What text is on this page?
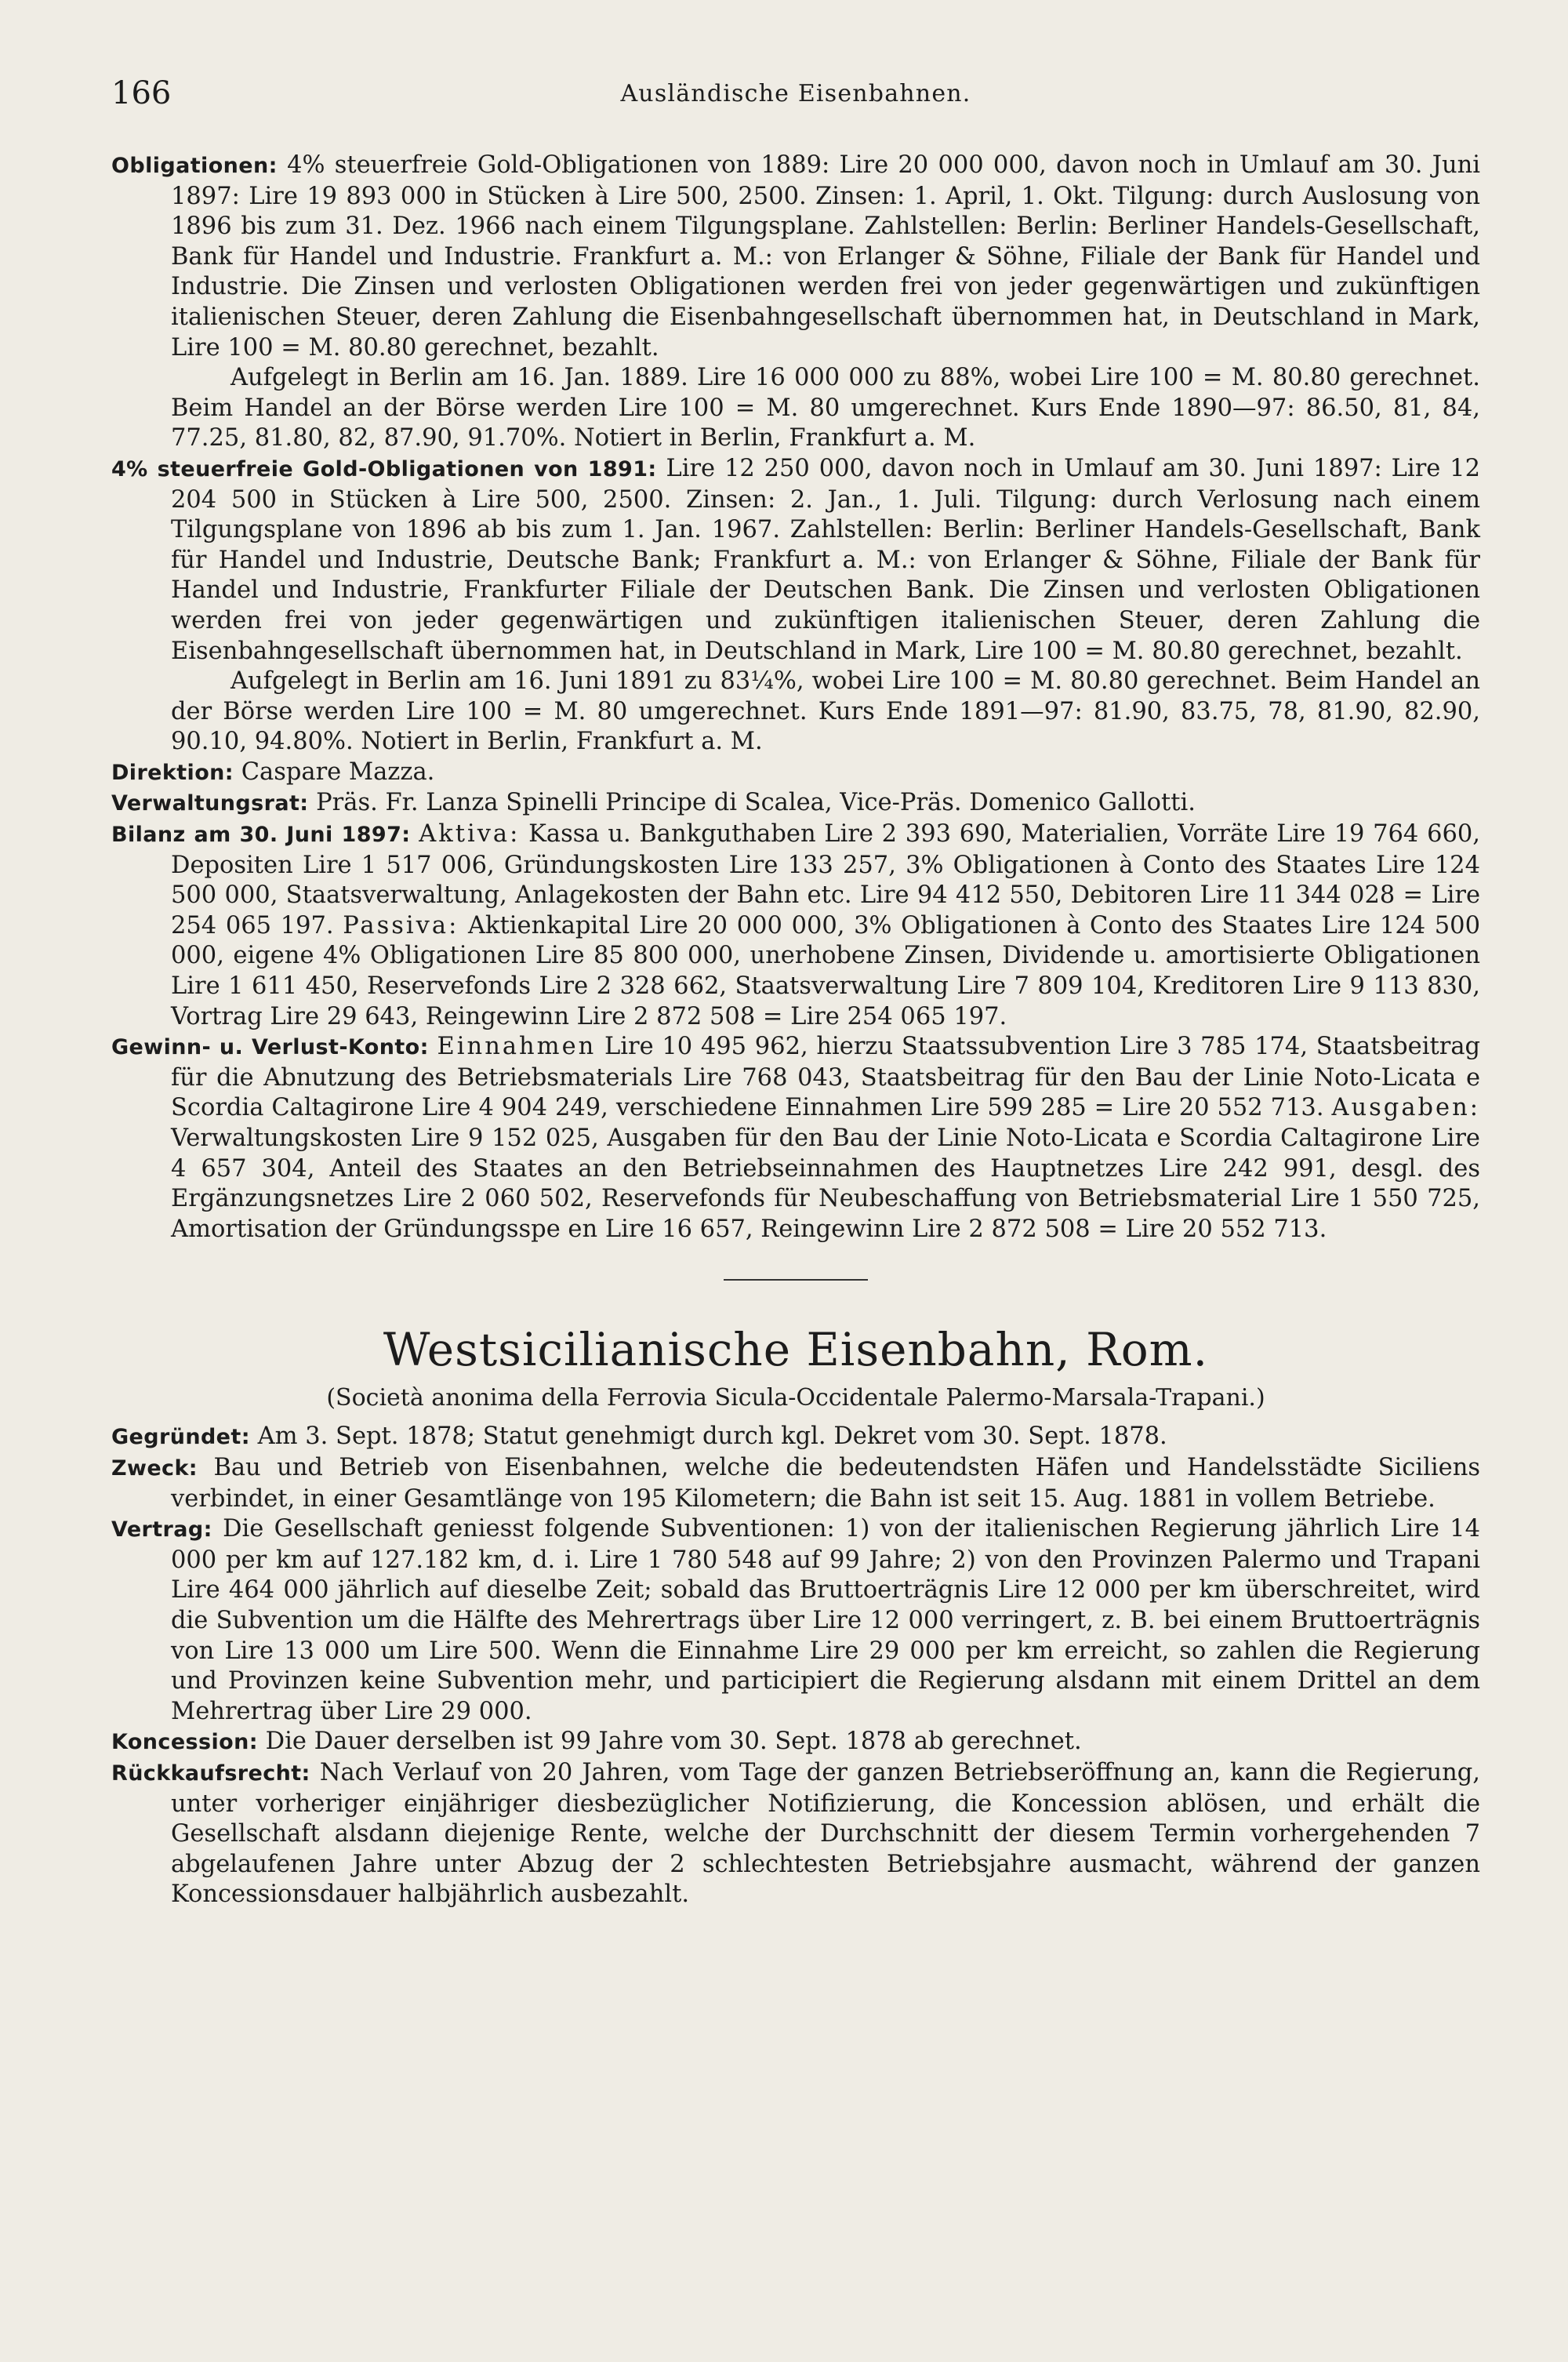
166	Ausländische Eisenbahnen.

Obligationen: 4% steuerfreie Gold-Obligationen von 1889: Lire 20 000 000, davon noch in Umlauf am 30. Juni 1897: Lire 19 893 000 in Stücken à Lire 500, 2500. Zinsen: 1. April, 1. Okt. Tilgung: durch Auslosung von 1896 bis zum 31. Dez. 1966 nach einem Tilgungsplane. Zahlstellen: Berlin: Berliner Handels-Gesellschaft, Bank für Handel und Industrie. Frankfurt a. M.: von Erlanger & Söhne, Filiale der Bank für Handel und Industrie. Die Zinsen und verlosten Obligationen werden frei von jeder gegenwärtigen und zukünftigen italienischen Steuer, deren Zahlung die Eisenbahngesellschaft übernommen hat, in Deutschland in Mark, Lire 100 = M. 80.80 gerechnet, bezahlt.

Aufgelegt in Berlin am 16. Jan. 1889. Lire 16 000 000 zu 88%, wobei Lire 100 = M. 80.80 gerechnet. Beim Handel an der Börse werden Lire 100 = M. 80 umgerechnet. Kurs Ende 1890—97: 86.50, 81, 84, 77.25, 81.80, 82, 87.90, 91.70%. Notiert in Berlin, Frankfurt a. M.

4% steuerfreie Gold-Obligationen von 1891: Lire 12 250 000, davon noch in Umlauf am 30. Juni 1897: Lire 12 204 500 in Stücken à Lire 500, 2500. Zinsen: 2. Jan., 1. Juli. Tilgung: durch Verlosung nach einem Tilgungsplane von 1896 ab bis zum 1. Jan. 1967. Zahlstellen: Berlin: Berliner Handels-Gesellschaft, Bank für Handel und Industrie, Deutsche Bank; Frankfurt a. M.: von Erlanger & Söhne, Filiale der Bank für Handel und Industrie, Frankfurter Filiale der Deutschen Bank. Die Zinsen und verlosten Obligationen werden frei von jeder gegenwärtigen und zukünftigen italienischen Steuer, deren Zahlung die Eisenbahngesellschaft übernommen hat, in Deutschland in Mark, Lire 100 = M. 80.80 gerechnet, bezahlt.

Aufgelegt in Berlin am 16. Juni 1891 zu 83¼%, wobei Lire 100 = M. 80.80 gerechnet. Beim Handel an der Börse werden Lire 100 = M. 80 umgerechnet. Kurs Ende 1891—97: 81.90, 83.75, 78, 81.90, 82.90, 90.10, 94.80%. Notiert in Berlin, Frankfurt a. M.

Direktion: Caspare Mazza.

Verwaltungsrat: Präs. Fr. Lanza Spinelli Principe di Scalea, Vice-Präs. Domenico Gallotti.

Bilanz am 30. Juni 1897: Aktiva: Kassa u. Bankguthaben Lire 2 393 690, Materialien, Vorräte Lire 19 764 660, Depositen Lire 1 517 006, Gründungskosten Lire 133 257, 3% Obligationen à Conto des Staates Lire 124 500 000, Staatsverwaltung, Anlagekosten der Bahn etc. Lire 94 412 550, Debitoren Lire 11 344 028 = Lire 254 065 197. Passiva: Aktienkapital Lire 20 000 000, 3% Obligationen à Conto des Staates Lire 124 500 000, eigene 4% Obligationen Lire 85 800 000, unerhobene Zinsen, Dividende u. amortisierte Obligationen Lire 1 611 450, Reservefonds Lire 2 328 662, Staatsverwaltung Lire 7 809 104, Kreditoren Lire 9 113 830, Vortrag Lire 29 643, Reingewinn Lire 2 872 508 = Lire 254 065 197.

Gewinn- u. Verlust-Konto: Einnahmen Lire 10 495 962, hierzu Staatssubvention Lire 3 785 174, Staatsbeitrag für die Abnutzung des Betriebsmaterials Lire 768 043, Staatsbeitrag für den Bau der Linie Noto-Licata e Scordia Caltagirone Lire 4 904 249, verschiedene Einnahmen Lire 599 285 = Lire 20 552 713. Ausgaben: Verwaltungskosten Lire 9 152 025, Ausgaben für den Bau der Linie Noto-Licata e Scordia Caltagirone Lire 4 657 304, Anteil des Staates an den Betriebseinnahmen des Hauptnetzes Lire 242 991, desgl. des Ergänzungsnetzes Lire 2 060 502, Reservefonds für Neubeschaffung von Betriebsmaterial Lire 1 550 725, Amortisation der Gründungsspe en Lire 16 657, Reingewinn Lire 2 872 508 = Lire 20 552 713.

Westsicilianische Eisenbahn, Rom.
(Società anonima della Ferrovia Sicula-Occidentale Palermo-Marsala-Trapani.)

Gegründet: Am 3. Sept. 1878; Statut genehmigt durch kgl. Dekret vom 30. Sept. 1878.

Zweck: Bau und Betrieb von Eisenbahnen, welche die bedeutendsten Häfen und Handelsstädte Siciliens verbindet, in einer Gesamtlänge von 195 Kilometern; die Bahn ist seit 15. Aug. 1881 in vollem Betriebe.

Vertrag: Die Gesellschaft geniesst folgende Subventionen: 1) von der italienischen Regierung jährlich Lire 14 000 per km auf 127.182 km, d. i. Lire 1 780 548 auf 99 Jahre; 2) von den Provinzen Palermo und Trapani Lire 464 000 jährlich auf dieselbe Zeit; sobald das Bruttoerträgnis Lire 12 000 per km überschreitet, wird die Subvention um die Hälfte des Mehrertrags über Lire 12 000 verringert, z. B. bei einem Bruttoerträgnis von Lire 13 000 um Lire 500. Wenn die Einnahme Lire 29 000 per km erreicht, so zahlen die Regierung und Provinzen keine Subvention mehr, und participiert die Regierung alsdann mit einem Drittel an dem Mehrertrag über Lire 29 000.

Koncession: Die Dauer derselben ist 99 Jahre vom 30. Sept. 1878 ab gerechnet.

Rückkaufsrecht: Nach Verlauf von 20 Jahren, vom Tage der ganzen Betriebseröffnung an, kann die Regierung, unter vorheriger einjähriger diesbezüglicher Notifizierung, die Koncession ablösen, und erhält die Gesellschaft alsdann diejenige Rente, welche der Durchschnitt der diesem Termin vorhergehenden 7 abgelaufenen Jahre unter Abzug der 2 schlechtesten Betriebsjahre ausmacht, während der ganzen Koncessionsdauer halbjährlich ausbezahlt.
